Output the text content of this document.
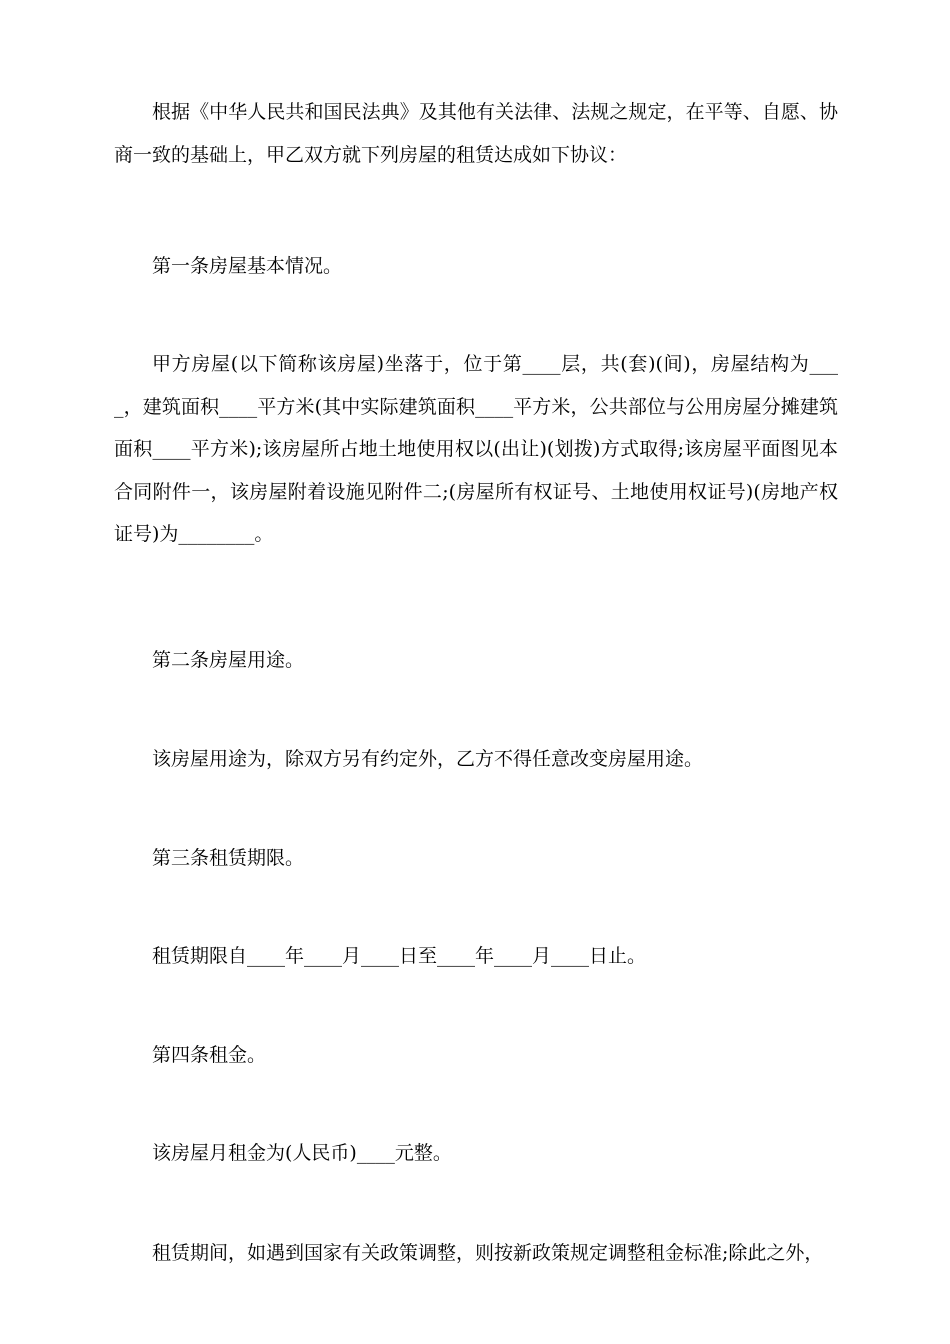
根据《中华人民共和国民法典》及其他有关法律、法规之规定，在平等、自愿、协商一致的基础上，甲乙双方就下列房屋的租赁达成如下协议：

第一条房屋基本情况。

甲方房屋(以下简称该房屋)坐落于，位于第____层，共(套)(间)，房屋结构为____，建筑面积____平方米(其中实际建筑面积____平方米，公共部位与公用房屋分摊建筑面积____平方米);该房屋所占地土地使用权以(出让)(划拨)方式取得;该房屋平面图见本合同附件一，该房屋附着设施见附件二;(房屋所有权证号、土地使用权证号)(房地产权证号)为________。

第二条房屋用途。

该房屋用途为，除双方另有约定外，乙方不得任意改变房屋用途。

第三条租赁期限。

租赁期限自____年____月____日至____年____月____日止。

第四条租金。

该房屋月租金为(人民币)____元整。

租赁期间，如遇到国家有关政策调整，则按新政策规定调整租金标准;除此之外，
